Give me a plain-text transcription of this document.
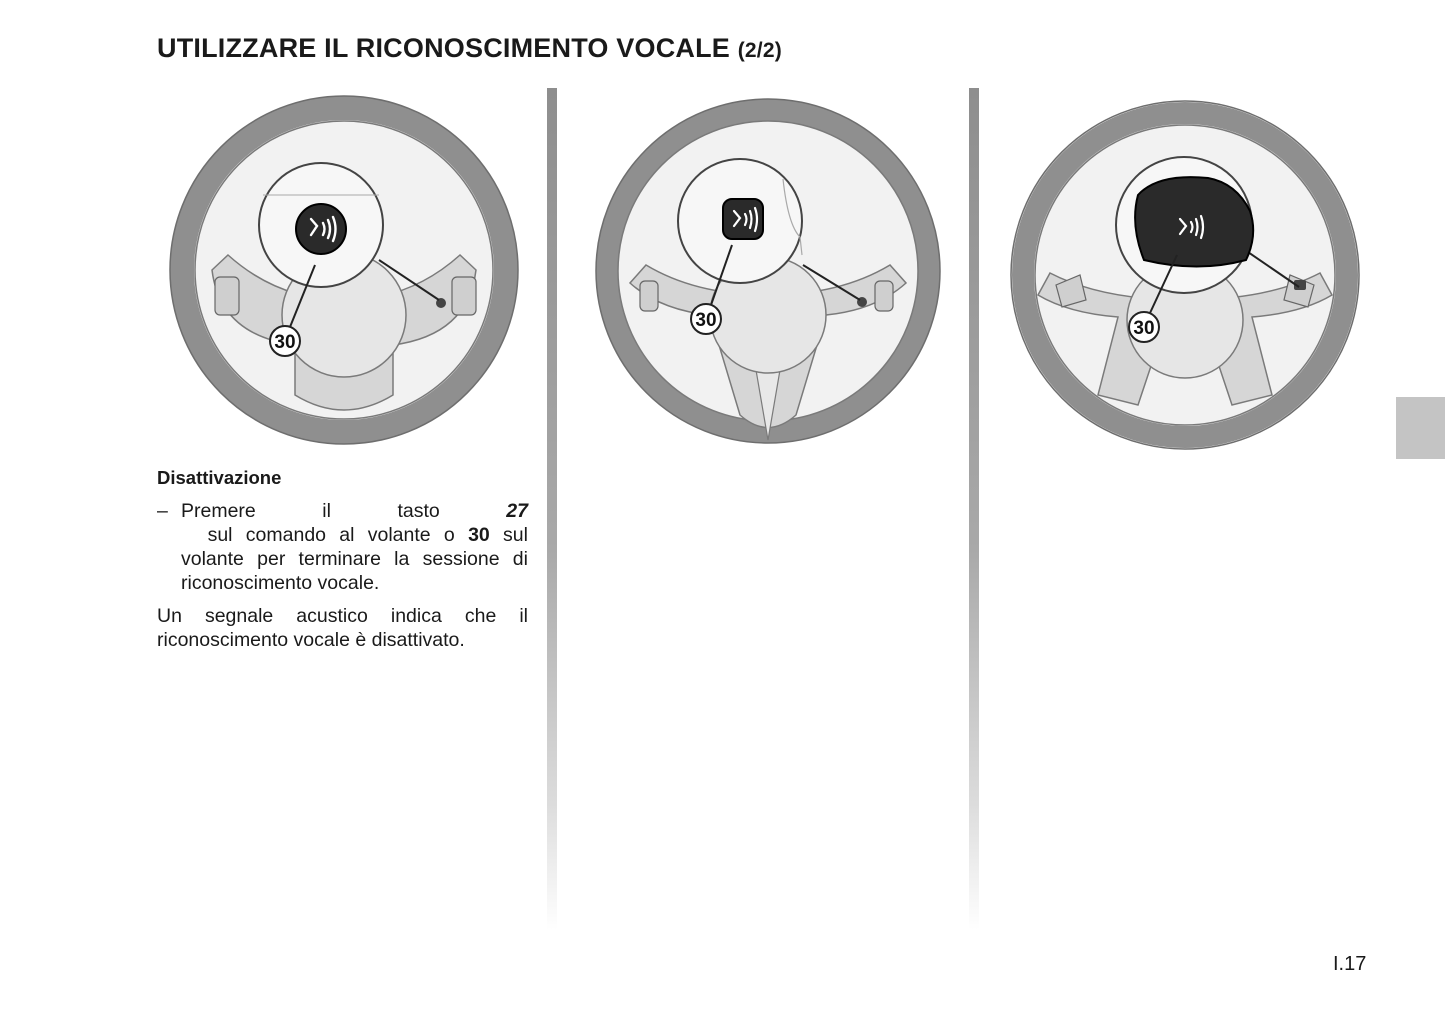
UTILIZZARE IL RICONOSCIMENTO VOCALE (2/2)
30
30	30
Disattivazione
– Premere il tasto 27  sul comando al volante o 30 sul volante per terminare la sessione di riconoscimento vocale.
Un segnale acustico indica che il riconoscimento vocale è disattivato.
I.17
